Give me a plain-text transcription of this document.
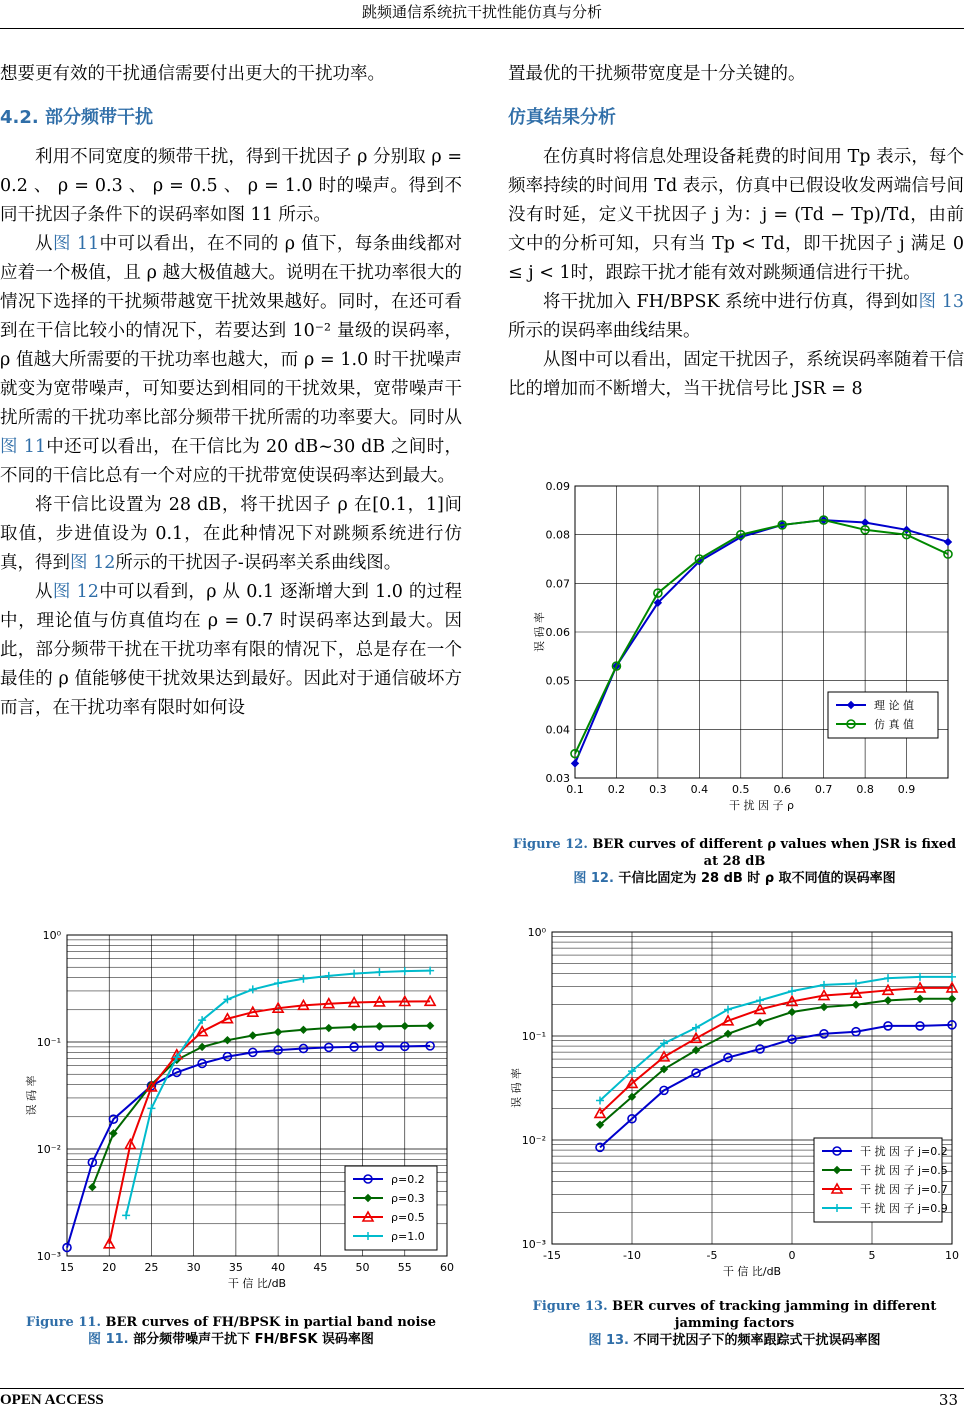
跳频通信系统抗干扰性能仿真与分析

想要更有效的干扰通信需要付出更大的干扰功率。

4.2. 部分频带干扰

利用不同宽度的频带干扰，得到干扰因子 ρ 分别取 ρ = 0.2 、 ρ = 0.3 、 ρ = 0.5 、 ρ = 1.0 时的噪声。得到不同干扰因子条件下的误码率如图 11 所示。

从图 11中可以看出，在不同的 ρ 值下，每条曲线都对应着一个极值，且 ρ 越大极值越大。说明在干扰功率很大的情况下选择的干扰频带越宽干扰效果越好。同时，在还可看到在干信比较小的情况下，若要达到 10⁻² 量级的误码率，ρ 值越大所需要的干扰功率也越大，而 ρ = 1.0 时干扰噪声就变为宽带噪声，可知要达到相同的干扰效果，宽带噪声干扰所需的干扰功率比部分频带干扰所需的功率要大。同时从图 11中还可以看出，在干信比为 20 dB~30 dB 之间时，不同的干信比总有一个对应的干扰带宽使误码率达到最大。

将干信比设置为 28 dB，将干扰因子 ρ 在[0.1，1]间取值，步进值设为 0.1，在此种情况下对跳频系统进行仿真，得到图 12所示的干扰因子-误码率关系曲线图。

从图 12中可以看到，ρ 从 0.1 逐渐增大到 1.0 的过程中，理论值与仿真值均在 ρ = 0.7 时误码率达到最大。因此，部分频带干扰在干扰功率有限的情况下，总是存在一个最佳的 ρ 值能够使干扰效果达到最好。因此对于通信破坏方而言，在干扰功率有限时如何设

置最优的干扰频带宽度是十分关键的。

仿真结果分析

在仿真时将信息处理设备耗费的时间用 Tp 表示，每个频率持续的时间用 Td 表示，仿真中已假设收发两端信号间没有时延，定义干扰因子 j 为：j = (Td − Tp)/Td，由前文中的分析可知，只有当 Tp < Td，即干扰因子 j 满足 0 ≤ j < 1时，跟踪干扰才能有效对跳频通信进行干扰。

将干扰加入 FH/BPSK 系统中进行仿真，得到如图 13所示的误码率曲线结果。

从图中可以看出，固定干扰因子，系统误码率随着干信比的增加而不断增大，当干扰信号比 JSR = 8

0.1 0.2 0.3 0.4 0.5 0.6 0.7 0.8 0.9
0.03
0.04
0.05
0.06
0.07
0.08
0.09
干 扰 因 子 ρ
误 码 率
理 论 值
仿 真 值
Figure 12. BER curves of different ρ values when JSR is fixed at 28 dB
图 12. 干信比固定为 28 dB 时 ρ 取不同值的误码率图
15	20	25	30	35	40	45	50	55	60
10⁰
10⁻¹
10⁻²
10⁻³
干 信 比/dB
误 码 率
ρ=0.2
ρ=0.3
ρ=0.5
ρ=1.0
Figure 11. BER curves of FH/BPSK in partial band noise
图 11. 部分频带噪声干扰下 FH/BFSK 误码率图
-15	-10	-5	0	5	10
10⁰
10⁻¹
10⁻²
10⁻³
干 信 比/dB
误 码 率
干 扰 因 子 j=0.2
干 扰 因 子 j=0.5
干 扰 因 子 j=0.7
干 扰 因 子 j=0.9
Figure 13. BER curves of tracking jamming in different jamming factors
图 13. 不同干扰因子下的频率跟踪式干扰误码率图
OPEN ACCESS	33
